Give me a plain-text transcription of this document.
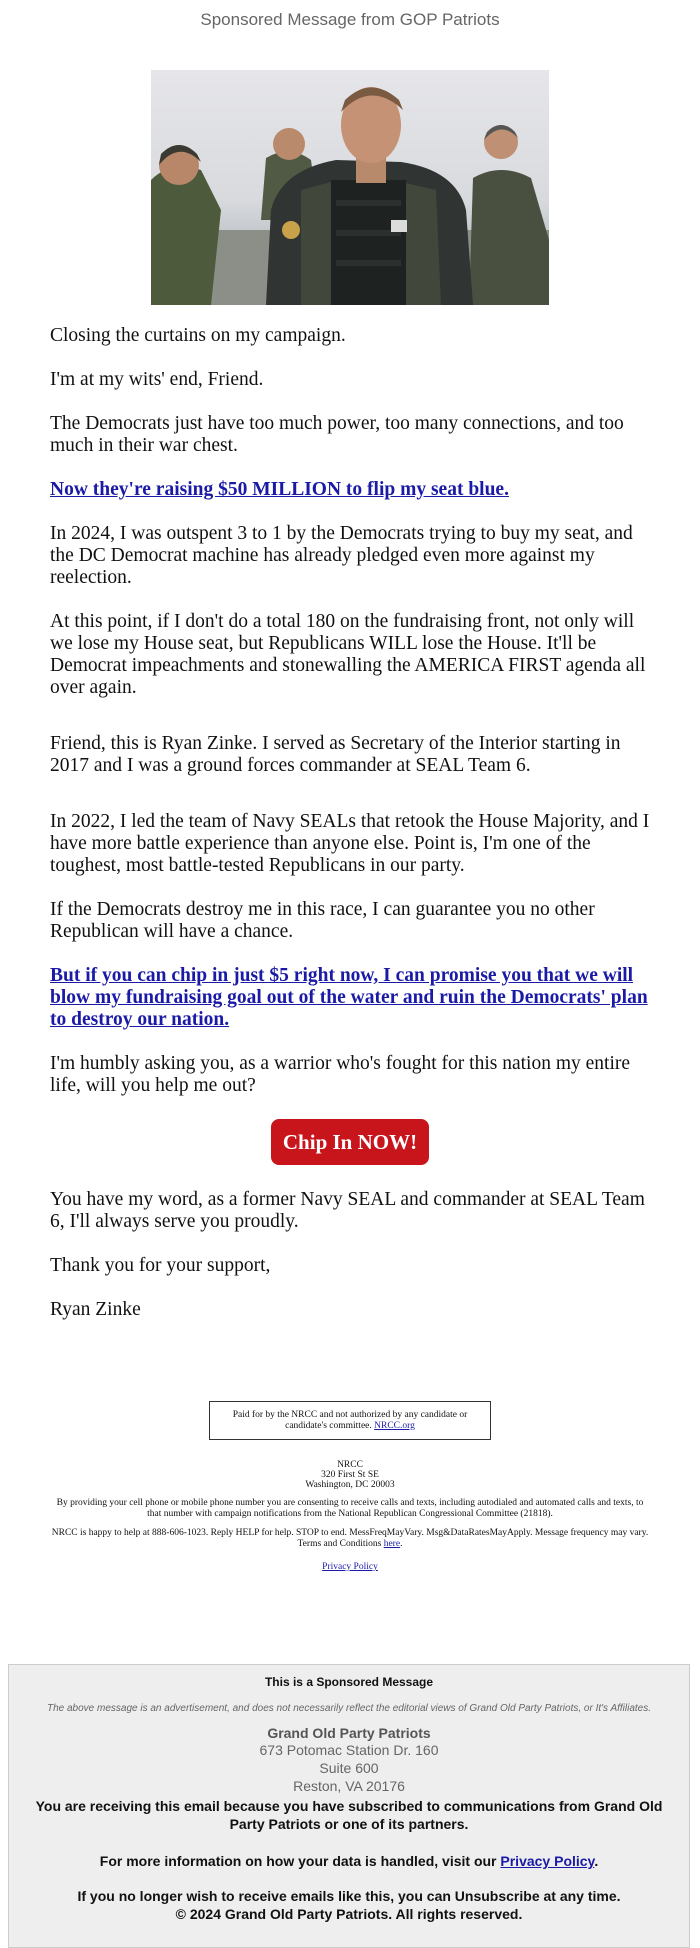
Sponsored Message from GOP Patriots

Closing the curtains on my campaign.

I'm at my wits' end, Friend.

The Democrats just have too much power, too many connections, and too much in their war chest.

Now they're raising $50 MILLION to flip my seat blue.

In 2024, I was outspent 3 to 1 by the Democrats trying to buy my seat, and the DC Democrat machine has already pledged even more against my reelection.

At this point, if I don't do a total 180 on the fundraising front, not only will we lose my House seat, but Republicans WILL lose the House. It'll be Democrat impeachments and stonewalling the AMERICA FIRST agenda all over again.

Friend, this is Ryan Zinke. I served as Secretary of the Interior starting in 2017 and I was a ground forces commander at SEAL Team 6.

In 2022, I led the team of Navy SEALs that retook the House Majority, and I have more battle experience than anyone else. Point is, I'm one of the toughest, most battle-tested Republicans in our party.

If the Democrats destroy me in this race, I can guarantee you no other Republican will have a chance.

But if you can chip in just $5 right now, I can promise you that we will blow my fundraising goal out of the water and ruin the Democrats' plan to destroy our nation.

I'm humbly asking you, as a warrior who's fought for this nation my entire life, will you help me out?

Chip In NOW!

You have my word, as a former Navy SEAL and commander at SEAL Team 6, I'll always serve you proudly.

Thank you for your support,

Ryan Zinke

Paid for by the NRCC and not authorized by any candidate or candidate's committee. NRCC.org
NRCC
320 First St SE
Washington, DC 20003

By providing your cell phone or mobile phone number you are consenting to receive calls and texts, including autodialed and automated calls and texts, to that number with campaign notifications from the National Republican Congressional Committee (21818).

NRCC is happy to help at 888-606-1023. Reply HELP for help. STOP to end. MessFreqMayVary. Msg&DataRatesMayApply. Message frequency may vary. Terms and Conditions here.

Privacy Policy

This is a Sponsored Message
The above message is an advertisement, and does not necessarily reflect the editorial views of Grand Old Party Patriots, or It's Affiliates.
Grand Old Party Patriots
673 Potomac Station Dr. 160
Suite 600
Reston, VA 20176
You are receiving this email because you have subscribed to communications from Grand Old Party Patriots or one of its partners.
For more information on how your data is handled, visit our Privacy Policy.
If you no longer wish to receive emails like this, you can Unsubscribe at any time.
© 2024 Grand Old Party Patriots. All rights reserved.
